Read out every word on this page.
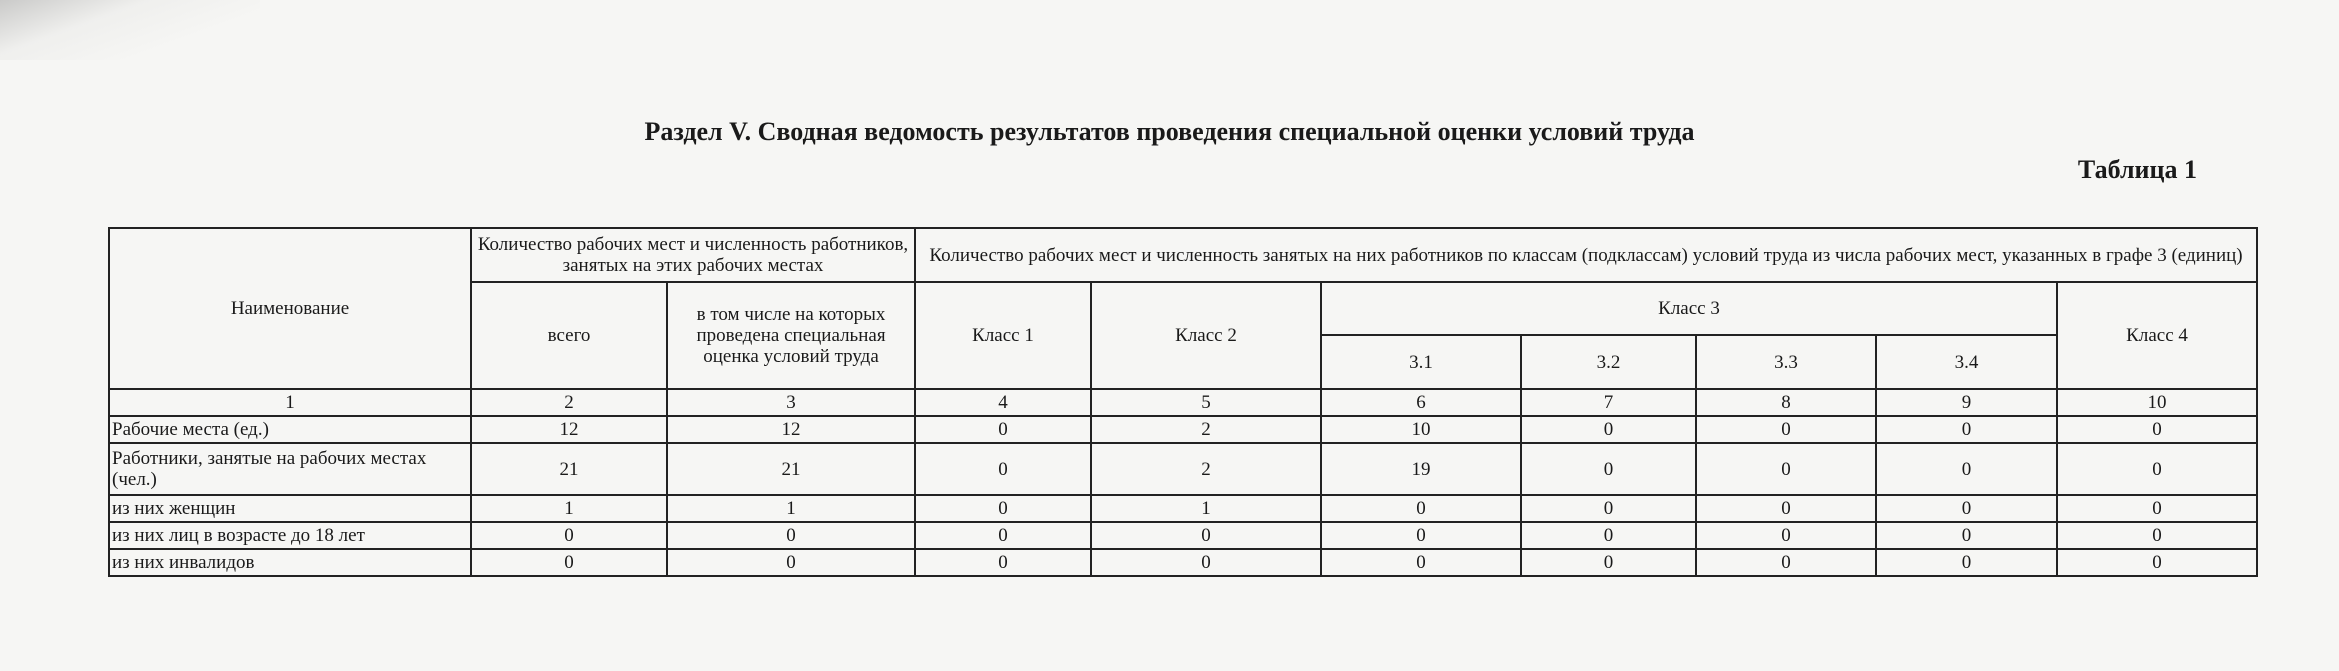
Раздел V. Сводная ведомость результатов проведения специальной оценки условий труда
Таблица 1
Наименование	Количество рабочих мест и численность работников, занятых на этих рабочих местах		Количество рабочих мест и численность занятых на них работников по классам (подклассам) условий труда из числа рабочих мест, указанных в графе 3 (единиц)						
	всего	в том числе на которых проведена специальная оценка условий труда	Класс 1	Класс 2	Класс 3				Класс 4
					3.1	3.2	3.3	3.4	
1	2	3	4	5	6	7	8	9	10
Рабочие места (ед.)	12	12	0	2	10	0	0	0	0
Работники, занятые на рабочих местах (чел.)	21	21	0	2	19	0	0	0	0
из них женщин	1	1	0	1	0	0	0	0	0
из них лиц в возрасте до 18 лет	0	0	0	0	0	0	0	0	0
из них инвалидов	0	0	0	0	0	0	0	0	0
